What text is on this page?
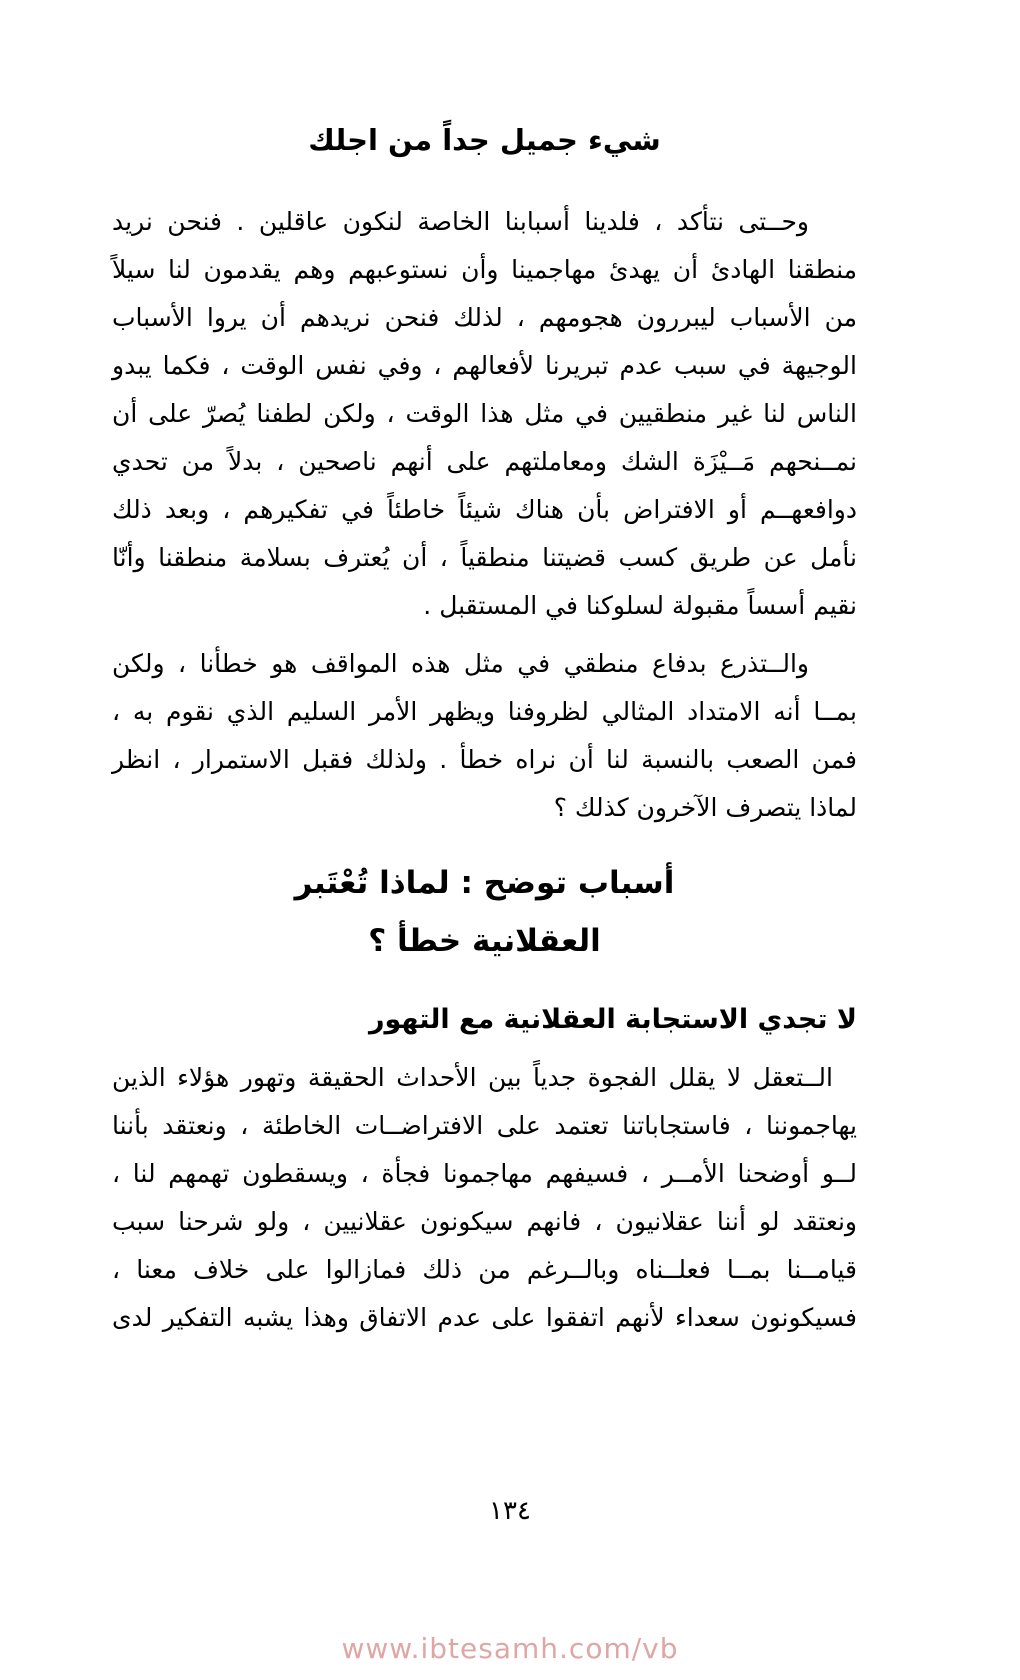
شيء جميل جداً من اجلك
وحــتى نتأكد ، فلدينا أسبابنا الخاصة لنكون عاقلين . فنحن نريد
منطقنا الهادئ أن يهدئ مهاجمينا وأن نستوعبهم وهم يقدمون لنا سيلاً
من الأسباب ليبررون هجومهم ، لذلك فنحن نريدهم أن يروا الأسباب
الوجيهة في سبب عدم تبريرنا لأفعالهم ، وفي نفس الوقت ، فكما يبدو
الناس لنا غير منطقيين في مثل هذا الوقت ، ولكن لطفنا يُصرّ على أن
نمــنحهم مَــيْزَة الشك ومعاملتهم على أنهم ناصحين ، بدلاً من تحدي
دوافعهــم أو الافتراض بأن هناك شيئاً خاطئاً في تفكيرهم ، وبعد ذلك
نأمل عن طريق كسب قضيتنا منطقياً ، أن يُعترف بسلامة منطقنا وأنّا
نقيم أسساً مقبولة لسلوكنا في المستقبل .
والــتذرع بدفاع منطقي في مثل هذه المواقف هو خطأنا ، ولكن
بمــا أنه الامتداد المثالي لظروفنا ويظهر الأمر السليم الذي نقوم به ،
فمن الصعب بالنسبة لنا أن نراه خطأ . ولذلك فقبل الاستمرار ، انظر
لماذا يتصرف الآخرون كذلك ؟
أسباب توضح : لماذا تُعْتَبر
العقلانية خطأ ؟
لا تجدي الاستجابة العقلانية مع التهور
الــتعقل لا يقلل الفجوة جدياً بين الأحداث الحقيقة وتهور هؤلاء الذين
يهاجموننا ، فاستجاباتنا تعتمد على الافتراضــات الخاطئة ، ونعتقد بأننا
لــو أوضحنا الأمــر ، فسيفهم مهاجمونا فجأة ، ويسقطون تهمهم لنا ،
ونعتقد لو أننا عقلانيون ، فانهم سيكونون عقلانيين ، ولو شرحنا سبب
قيامــنا بمــا فعلــناه وبالــرغم من ذلك فمازالوا على خلاف معنا ،
فسيكونون سعداء لأنهم اتفقوا على عدم الاتفاق وهذا يشبه التفكير لدى
١٣٤
www.ibtesamh.com/vb
